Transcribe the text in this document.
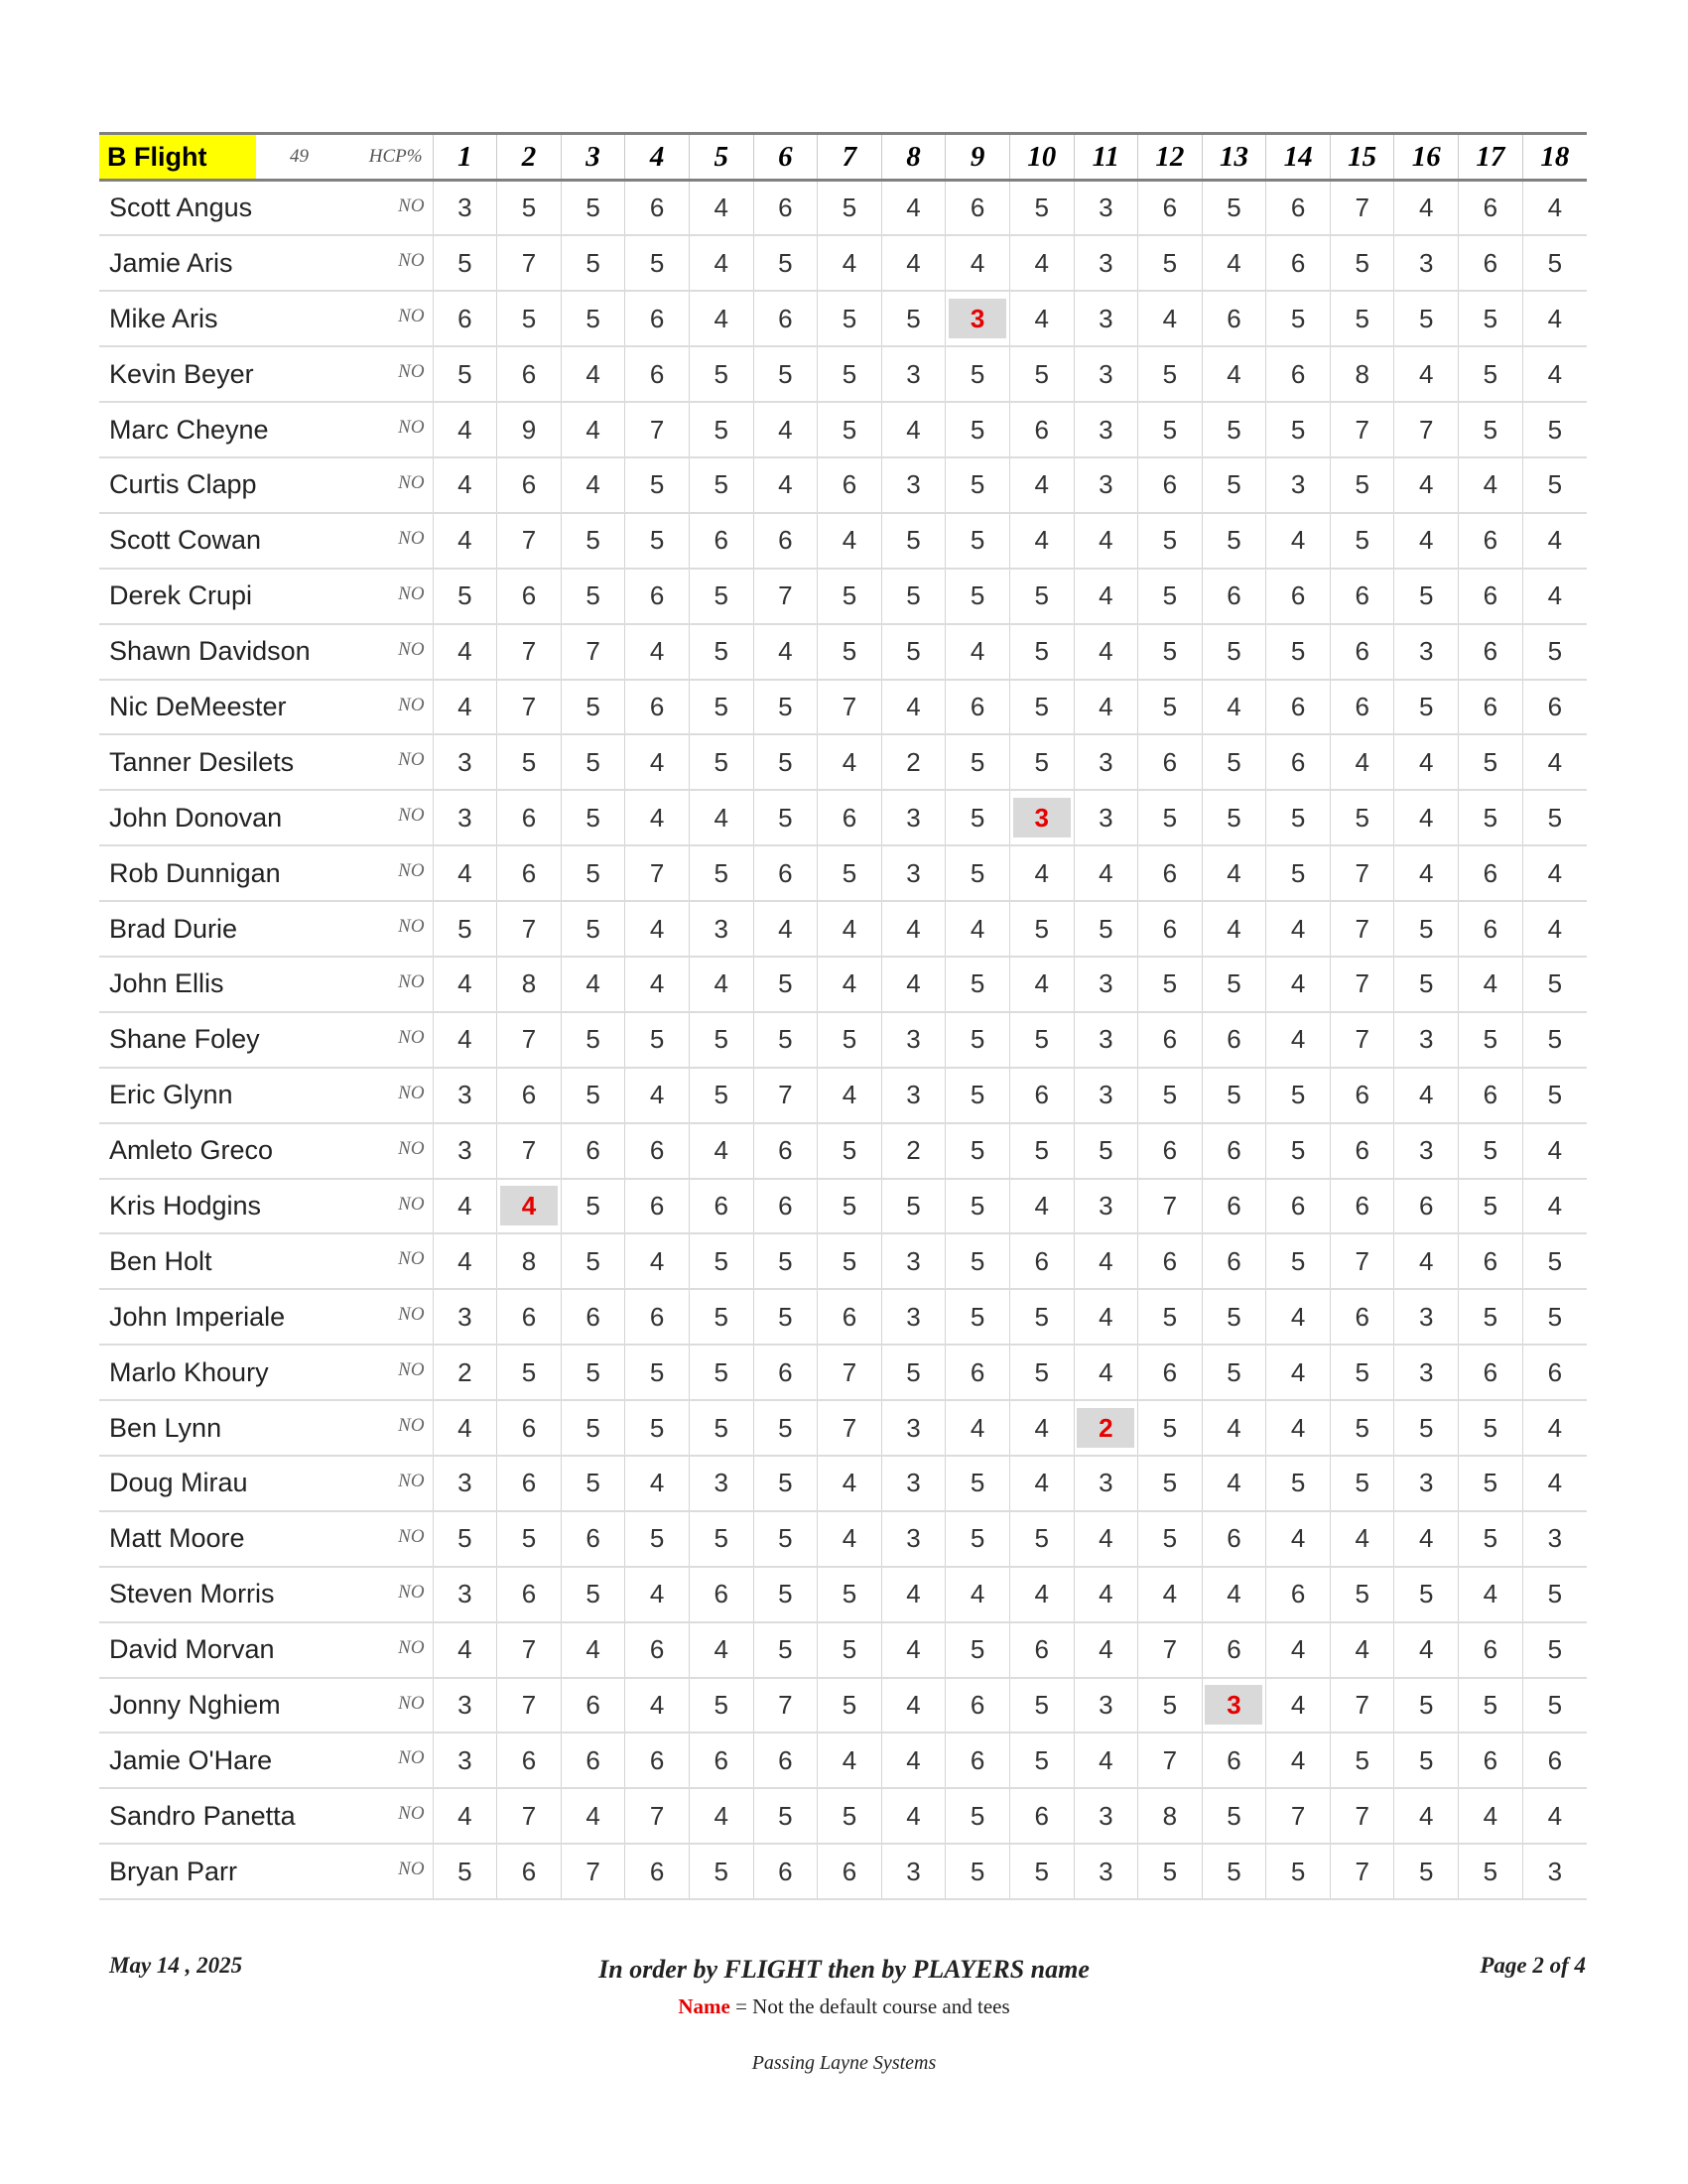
B Flight	49 HCP%	1	2	3	4	5	6	7	8	9	10	11	12	13	14	15	16	17	18
Scott Angus	NO	3	5	5	6	4	6	5	4	6	5	3	6	5	6	7	4	6	4
Jamie Aris	NO	5	7	5	5	4	5	4	4	4	4	3	5	4	6	5	3	6	5
Mike Aris	NO	6	5	5	6	4	6	5	5	3	4	3	4	6	5	5	5	5	4
Kevin Beyer	NO	5	6	4	6	5	5	5	3	5	5	3	5	4	6	8	4	5	4
Marc Cheyne	NO	4	9	4	7	5	4	5	4	5	6	3	5	5	5	7	7	5	5
Curtis Clapp	NO	4	6	4	5	5	4	6	3	5	4	3	6	5	3	5	4	4	5
Scott Cowan	NO	4	7	5	5	6	6	4	5	5	4	4	5	5	4	5	4	6	4
Derek Crupi	NO	5	6	5	6	5	7	5	5	5	5	4	5	6	6	6	5	6	4
Shawn Davidson	NO	4	7	7	4	5	4	5	5	4	5	4	5	5	5	6	3	6	5
Nic DeMeester	NO	4	7	5	6	5	5	7	4	6	5	4	5	4	6	6	5	6	6
Tanner Desilets	NO	3	5	5	4	5	5	4	2	5	5	3	6	5	6	4	4	5	4
John Donovan	NO	3	6	5	4	4	5	6	3	5	3	3	5	5	5	5	4	5	5
Rob Dunnigan	NO	4	6	5	7	5	6	5	3	5	4	4	6	4	5	7	4	6	4
Brad Durie	NO	5	7	5	4	3	4	4	4	4	5	5	6	4	4	7	5	6	4
John Ellis	NO	4	8	4	4	4	5	4	4	5	4	3	5	5	4	7	5	4	5
Shane Foley	NO	4	7	5	5	5	5	5	3	5	5	3	6	6	4	7	3	5	5
Eric Glynn	NO	3	6	5	4	5	7	4	3	5	6	3	5	5	5	6	4	6	5
Amleto Greco	NO	3	7	6	6	4	6	5	2	5	5	5	6	6	5	6	3	5	4
Kris Hodgins	NO	4	4	5	6	6	6	5	5	5	4	3	7	6	6	6	6	5	4
Ben Holt	NO	4	8	5	4	5	5	5	3	5	6	4	6	6	5	7	4	6	5
John Imperiale	NO	3	6	6	6	5	5	6	3	5	5	4	5	5	4	6	3	5	5
Marlo Khoury	NO	2	5	5	5	5	6	7	5	6	5	4	6	5	4	5	3	6	6
Ben Lynn	NO	4	6	5	5	5	5	7	3	4	4	2	5	4	4	5	5	5	4
Doug Mirau	NO	3	6	5	4	3	5	4	3	5	4	3	5	4	5	5	3	5	4
Matt Moore	NO	5	5	6	5	5	5	4	3	5	5	4	5	6	4	4	4	5	3
Steven Morris	NO	3	6	5	4	6	5	5	4	4	4	4	4	4	6	5	5	4	5
David Morvan	NO	4	7	4	6	4	5	5	4	5	6	4	7	6	4	4	4	6	5
Jonny Nghiem	NO	3	7	6	4	5	7	5	4	6	5	3	5	3	4	7	5	5	5
Jamie O'Hare	NO	3	6	6	6	6	6	4	4	6	5	4	7	6	4	5	5	6	6
Sandro Panetta	NO	4	7	4	7	4	5	5	4	5	6	3	8	5	7	7	4	4	4
Bryan Parr	NO	5	6	7	6	5	6	6	3	5	5	3	5	5	5	7	5	5	3
May 14 , 2025	In order by FLIGHT then by PLAYERS name	Page 2 of 4
Name = Not the default course and tees
Passing Layne Systems
